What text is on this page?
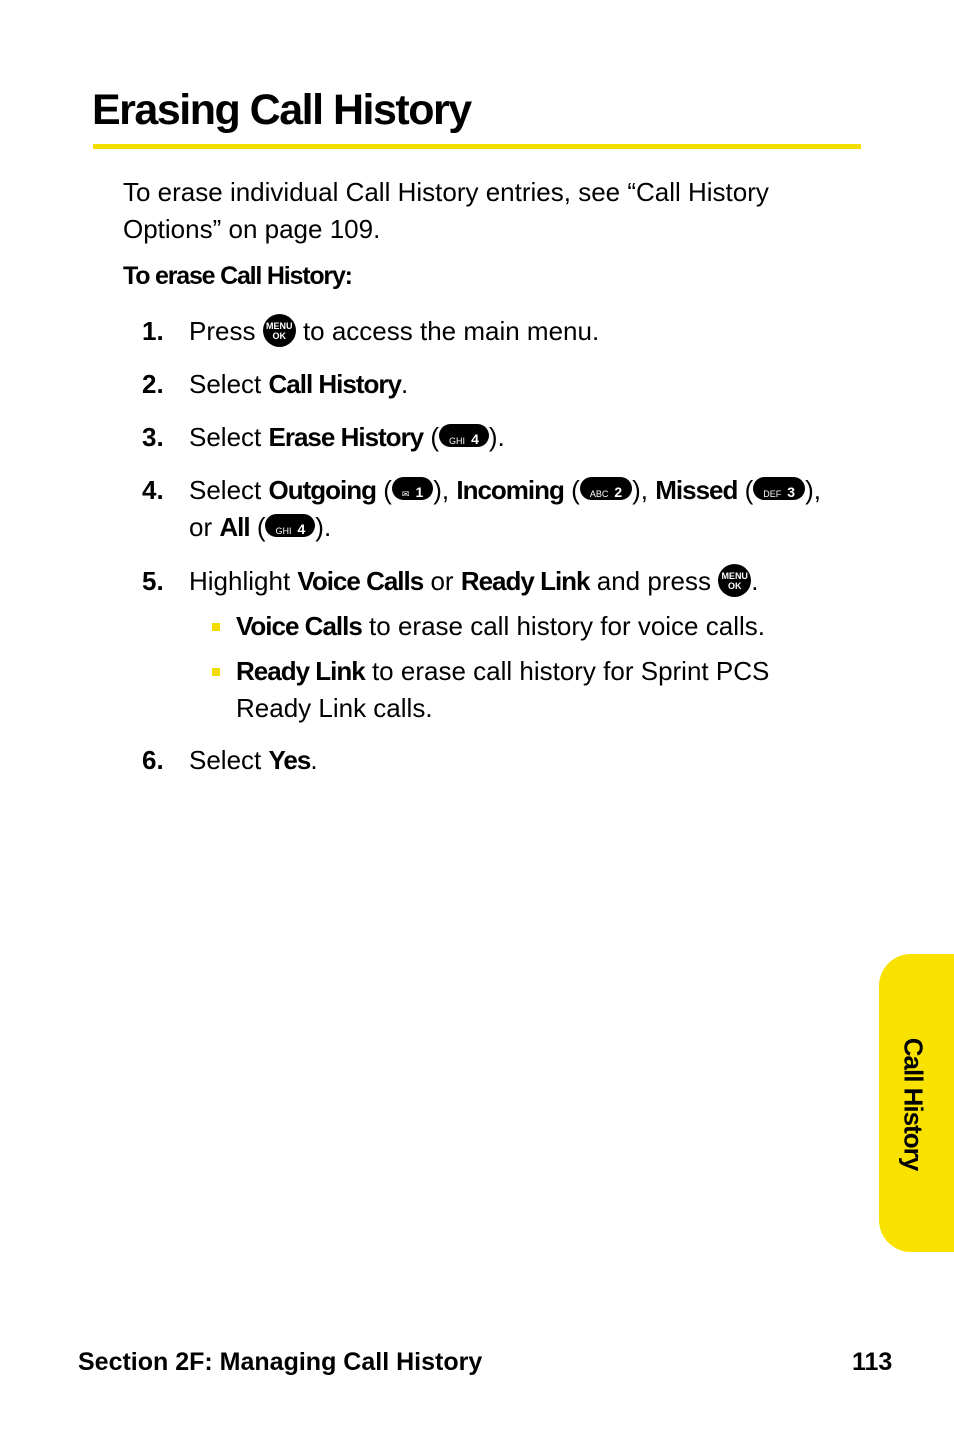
Erasing Call History

To erase individual Call History entries, see “Call History Options” on page 109.

To erase Call History:

1. Press MENU
OK to access the main menu.
2. Select Call History.
3. Select Erase History ( GHI 4 ).
4. Select Outgoing ( ✉ 1 ), Incoming ( ABC 2 ), Missed ( DEF 3 ),
or All ( GHI 4 ).
5. Highlight Voice Calls or Ready Link and press MENU
OK .
Voice Calls to erase call history for voice calls.
Ready Link to erase call history for Sprint PCS Ready Link calls.
6. Select Yes.
Call History
Section 2F: Managing Call History	113
